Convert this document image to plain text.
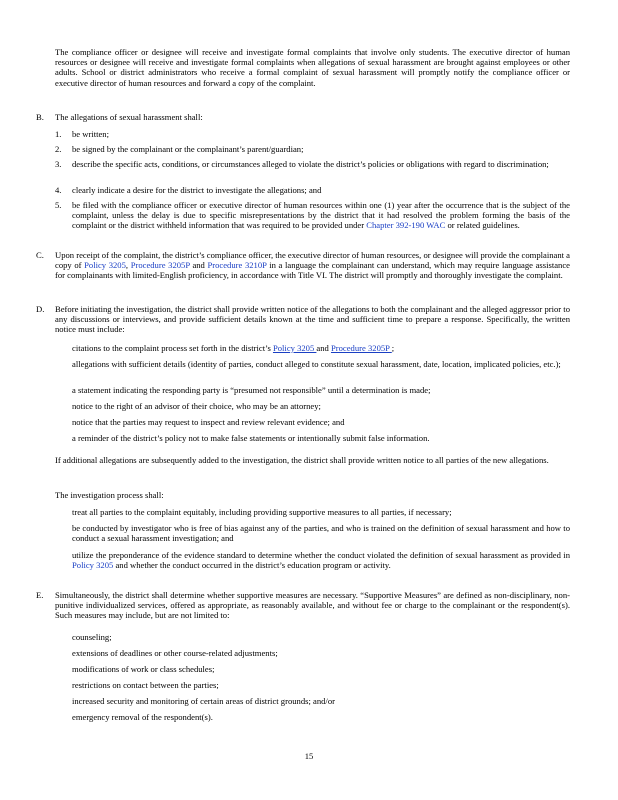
The compliance officer or designee will receive and investigate formal complaints that involve only students. The executive director of human resources or designee will receive and investigate formal complaints when allegations of sexual harassment are brought against employees or other adults. School or district administrators who receive a formal complaint of sexual harassment will promptly notify the compliance officer or executive director of human resources and forward a copy of the complaint.
B. The allegations of sexual harassment shall:
1. be written;
2. be signed by the complainant or the complainant’s parent/guardian;
3. describe the specific acts, conditions, or circumstances alleged to violate the district’s policies or obligations with regard to discrimination;
4. clearly indicate a desire for the district to investigate the allegations; and
5. be filed with the compliance officer or executive director of human resources within one (1) year after the occurrence that is the subject of the complaint, unless the delay is due to specific misrepresentations by the district that it had resolved the problem forming the basis of the complaint or the district withheld information that was required to be provided under Chapter 392-190 WAC or related guidelines.
C. Upon receipt of the complaint, the district’s compliance officer, the executive director of human resources, or designee will provide the complainant a copy of Policy 3205, Procedure 3205P and Procedure 3210P in a language the complainant can understand, which may require language assistance for complainants with limited-English proficiency, in accordance with Title VI. The district will promptly and thoroughly investigate the complaint.
D. Before initiating the investigation, the district shall provide written notice of the allegations to both the complainant and the alleged aggressor prior to any discussions or interviews, and provide sufficient details known at the time and sufficient time to prepare a response. Specifically, the written notice must include:
citations to the complaint process set forth in the district’s Policy 3205 and Procedure 3205P ;
allegations with sufficient details (identity of parties, conduct alleged to constitute sexual harassment, date, location, implicated policies, etc.);
a statement indicating the responding party is “presumed not responsible” until a determination is made;
notice to the right of an advisor of their choice, who may be an attorney;
notice that the parties may request to inspect and review relevant evidence; and
a reminder of the district’s policy not to make false statements or intentionally submit false information.
If additional allegations are subsequently added to the investigation, the district shall provide written notice to all parties of the new allegations.
The investigation process shall:
treat all parties to the complaint equitably, including providing supportive measures to all parties, if necessary;
be conducted by investigator who is free of bias against any of the parties, and who is trained on the definition of sexual harassment and how to conduct a sexual harassment investigation; and
utilize the preponderance of the evidence standard to determine whether the conduct violated the definition of sexual harassment as provided in Policy 3205 and whether the conduct occurred in the district’s education program or activity.
E. Simultaneously, the district shall determine whether supportive measures are necessary. “Supportive Measures” are defined as non-disciplinary, non-punitive individualized services, offered as appropriate, as reasonably available, and without fee or charge to the complainant or the respondent(s). Such measures may include, but are not limited to:
counseling;
extensions of deadlines or other course-related adjustments;
modifications of work or class schedules;
restrictions on contact between the parties;
increased security and monitoring of certain areas of district grounds; and/or
emergency removal of the respondent(s).
15
